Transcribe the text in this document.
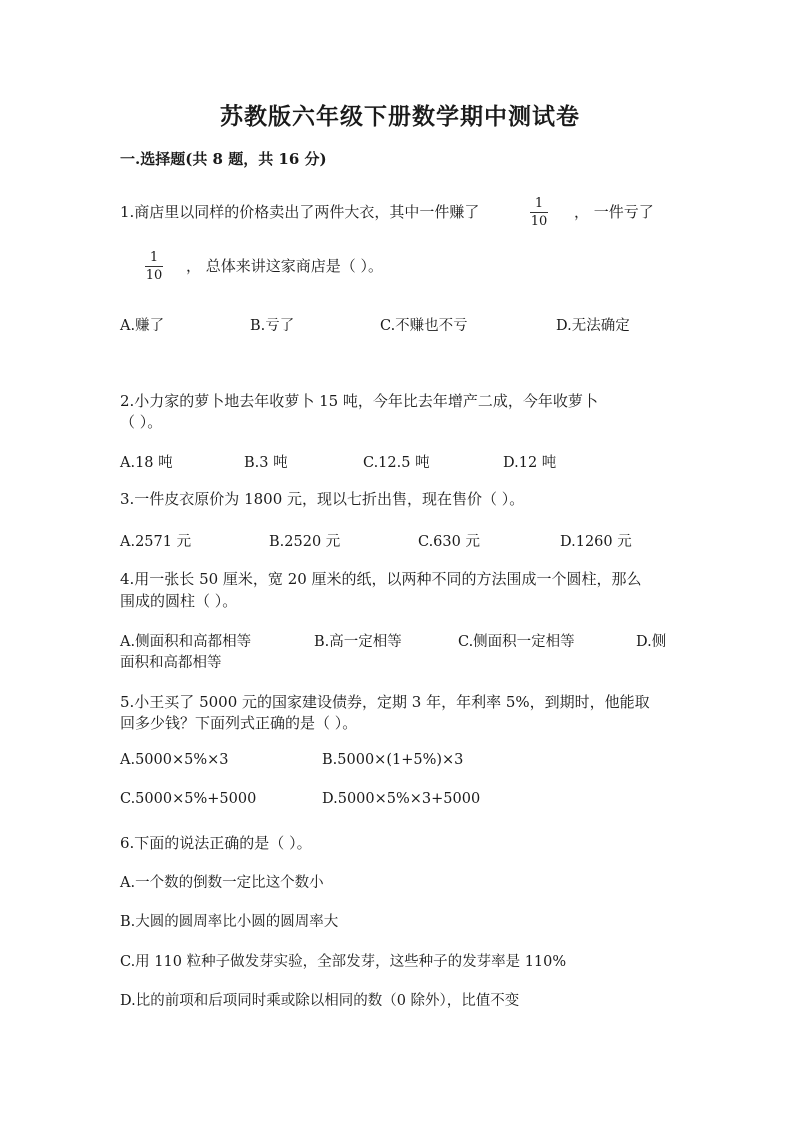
苏教版六年级下册数学期中测试卷
一.选择题(共 8 题，共 16 分)
1.商店里以同样的价格卖出了两件大衣，其中一件赚了	1
10
， 一件亏了
1
10
， 总体来讲这家商店是（ ）。
A.赚了	B.亏了	C.不赚也不亏	D.无法确定
2.小力家的萝卜地去年收萝卜 15 吨，今年比去年增产二成，今年收萝卜
（ ）。
A.18 吨	B.3 吨	C.12.5 吨	D.12 吨
3.一件皮衣原价为 1800 元，现以七折出售，现在售价（ ）。
A.2571 元	B.2520 元	C.630 元	D.1260 元
4.用一张长 50 厘米，宽 20 厘米的纸，以两种不同的方法围成一个圆柱，那么
围成的圆柱（ ）。
A.侧面积和高都相等	B.高一定相等	C.侧面积一定相等	D.侧
面积和高都相等
5.小王买了 5000 元的国家建设债券，定期 3 年，年利率 5%，到期时，他能取
回多少钱？下面列式正确的是（ ）。
A.5000×5%×3	B.5000×(1+5%)×3
C.5000×5%+5000	D.5000×5%×3+5000
6.下面的说法正确的是（ ）。
A.一个数的倒数一定比这个数小
B.大圆的圆周率比小圆的圆周率大
C.用 110 粒种子做发芽实验，全部发芽，这些种子的发芽率是 110%
D.比的前项和后项同时乘或除以相同的数（0 除外），比值不变
